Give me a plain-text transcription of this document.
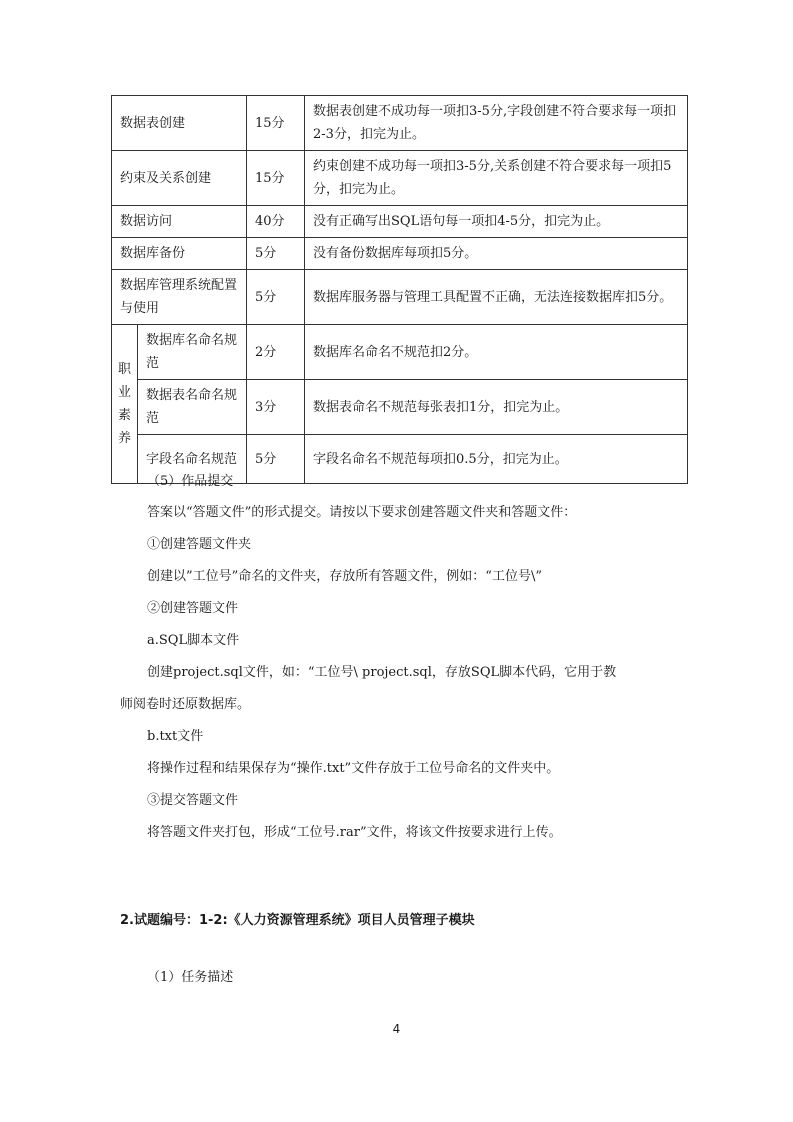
数据表创建		15分	数据表创建不成功每一项扣3-5分,字段创建不符合要求每一项扣2-3分，扣完为止。
约束及关系创建		15分	约束创建不成功每一项扣3-5分,关系创建不符合要求每一项扣5分，扣完为止。
数据访问		40分	没有正确写出SQL语句每一项扣4-5分，扣完为止。
数据库备份		5分	没有备份数据库每项扣5分。
数据库管理系统配置与使用		5分	数据库服务器与管理工具配置不正确，无法连接数据库扣5分。

职
业
素
养	数据库名命名规范	2分	数据库名命名不规范扣2分。
	数据表名命名规范	3分	数据表命名不规范每张表扣1分，扣完为止。
	字段名命名规范	5分	字段名命名不规范每项扣0.5分，扣完为止。
（5）作品提交
答案以“答题文件”的形式提交。请按以下要求创建答题文件夹和答题文件：
①创建答题文件夹
创建以”工位号”命名的文件夹，存放所有答题文件，例如：“工位号\”
②创建答题文件
a.SQL脚本文件
创建project.sql文件，如：“工位号\ project.sql，存放SQL脚本代码，它用于教
师阅卷时还原数据库。
b.txt文件
将操作过程和结果保存为“操作.txt”文件存放于工位号命名的文件夹中。
③提交答题文件
将答题文件夹打包，形成“工位号.rar”文件，将该文件按要求进行上传。
2.试题编号：1-2:《人力资源管理系统》项目人员管理子模块
（1）任务描述
4
